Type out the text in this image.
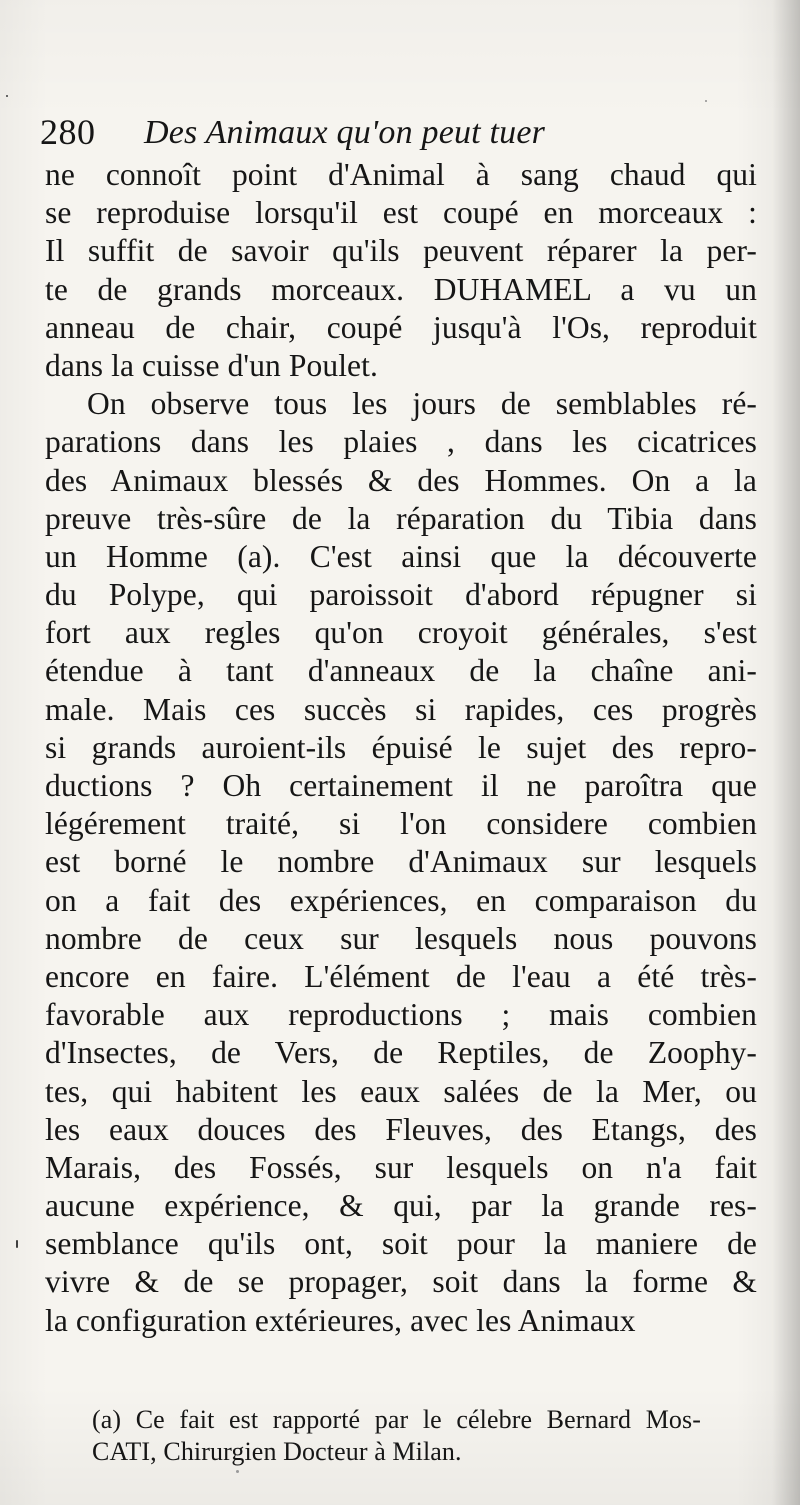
280 Des Animaux qu'on peut tuer
ne connoît point d'Animal à sang chaud qui
se reproduise lorsqu'il est coupé en morceaux :
Il suffit de savoir qu'ils peuvent réparer la per-
te de grands morceaux. DUHAMEL a vu un
anneau de chair, coupé jusqu'à l'Os, reproduit
dans la cuisse d'un Poulet.
On observe tous les jours de semblables ré-
parations dans les plaies , dans les cicatrices
des Animaux blessés & des Hommes. On a la
preuve très-sûre de la réparation du Tibia dans
un Homme (a). C'est ainsi que la découverte
du Polype, qui paroissoit d'abord répugner si
fort aux regles qu'on croyoit générales, s'est
étendue à tant d'anneaux de la chaîne ani-
male. Mais ces succès si rapides, ces progrès
si grands auroient-ils épuisé le sujet des repro-
ductions ? Oh certainement il ne paroîtra que
légérement traité, si l'on considere combien
est borné le nombre d'Animaux sur lesquels
on a fait des expériences, en comparaison du
nombre de ceux sur lesquels nous pouvons
encore en faire. L'élément de l'eau a été très-
favorable aux reproductions ; mais combien
d'Insectes, de Vers, de Reptiles, de Zoophy-
tes, qui habitent les eaux salées de la Mer, ou
les eaux douces des Fleuves, des Etangs, des
Marais, des Fossés, sur lesquels on n'a fait
aucune expérience, & qui, par la grande res-
semblance qu'ils ont, soit pour la maniere de
vivre & de se propager, soit dans la forme &
la configuration extérieures, avec les Animaux
(a) Ce fait est rapporté par le célebre Bernard Mos-
CATI, Chirurgien Docteur à Milan.
